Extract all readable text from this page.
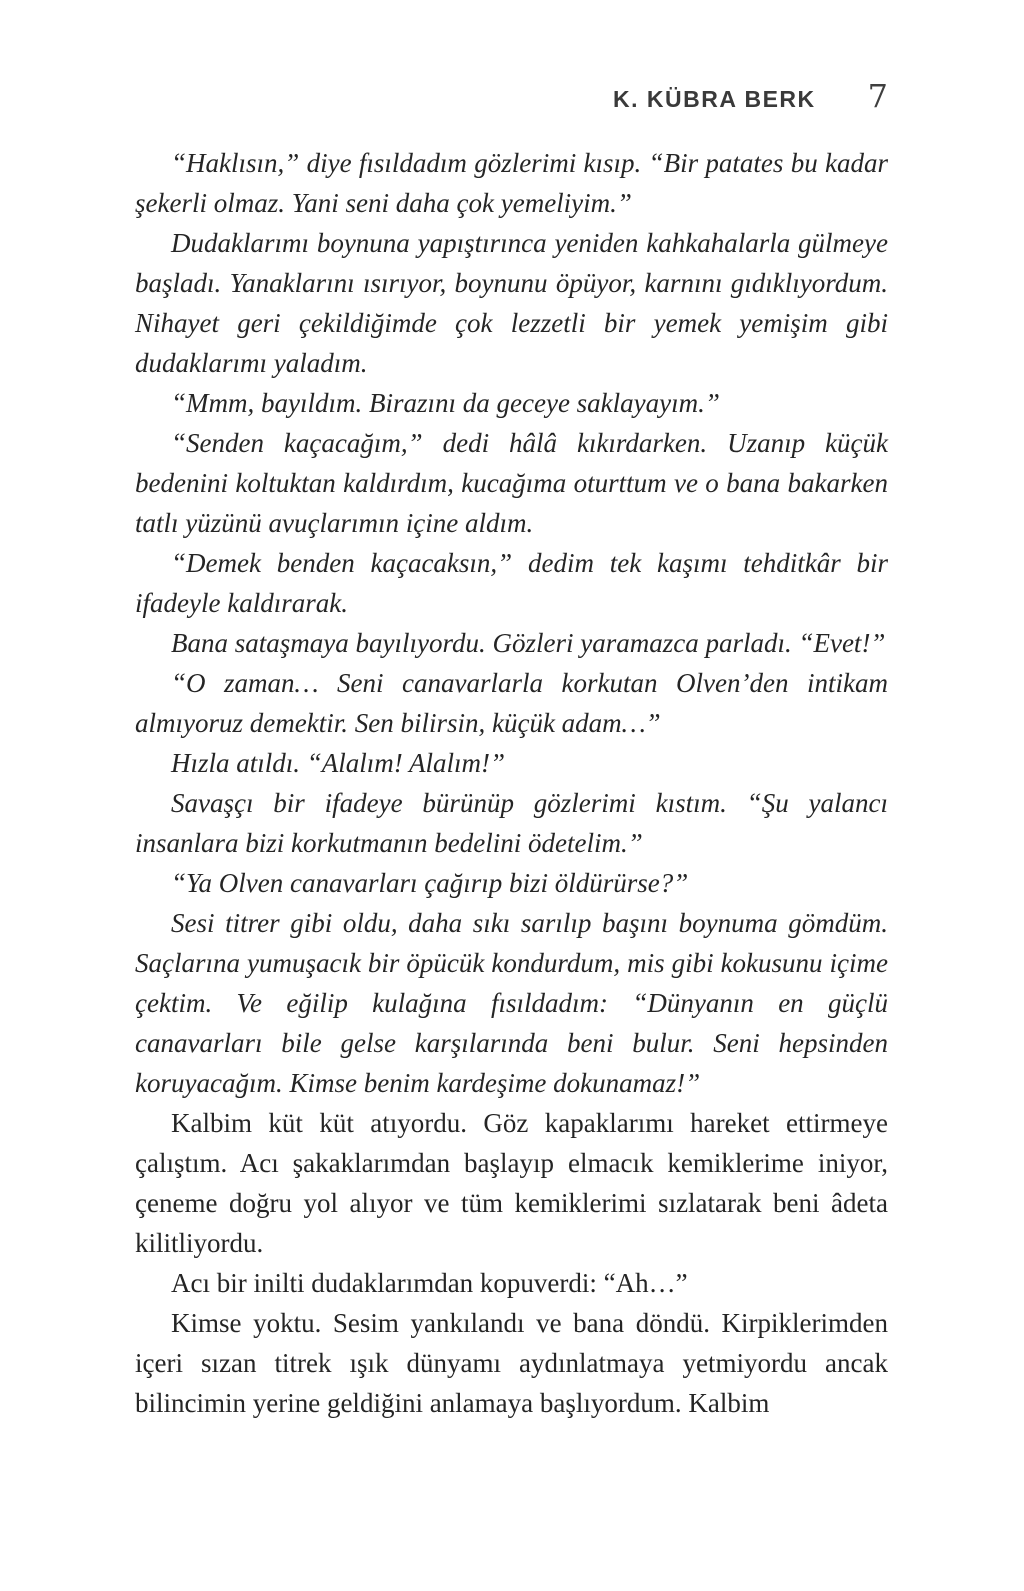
K. KÜBRA BERK 7

“Haklısın,” diye fısıldadım gözlerimi kısıp. “Bir patates bu kadar şekerli olmaz. Yani seni daha çok yemeliyim.”

Dudaklarımı boynuna yapıştırınca yeniden kahkahalarla gülmeye başladı. Yanaklarını ısırıyor, boynunu öpüyor, karnını gıdıklıyordum. Nihayet geri çekildiğimde çok lezzetli bir yemek yemişim gibi dudaklarımı yaladım.

“Mmm, bayıldım. Birazını da geceye saklayayım.”

“Senden kaçacağım,” dedi hâlâ kıkırdarken. Uzanıp küçük bedenini koltuktan kaldırdım, kucağıma oturttum ve o bana bakarken tatlı yüzünü avuçlarımın içine aldım.

“Demek benden kaçacaksın,” dedim tek kaşımı tehditkâr bir ifadeyle kaldırarak.

Bana sataşmaya bayılıyordu. Gözleri yaramazca parladı. “Evet!”

“O zaman… Seni canavarlarla korkutan Olven’den intikam almıyoruz demektir. Sen bilirsin, küçük adam…”

Hızla atıldı. “Alalım! Alalım!”

Savaşçı bir ifadeye bürünüp gözlerimi kıstım. “Şu yalancı insanlara bizi korkutmanın bedelini ödetelim.”

“Ya Olven canavarları çağırıp bizi öldürürse?”

Sesi titrer gibi oldu, daha sıkı sarılıp başını boynuma gömdüm. Saçlarına yumuşacık bir öpücük kondurdum, mis gibi kokusunu içime çektim. Ve eğilip kulağına fısıldadım: “Dünyanın en güçlü canavarları bile gelse karşılarında beni bulur. Seni hepsinden koruyacağım. Kimse benim kardeşime dokunamaz!”

Kalbim küt küt atıyordu. Göz kapaklarımı hareket ettirmeye çalıştım. Acı şakaklarımdan başlayıp elmacık kemiklerime iniyor, çeneme doğru yol alıyor ve tüm kemiklerimi sızlatarak beni âdeta kilitliyordu.

Acı bir inilti dudaklarımdan kopuverdi: “Ah…”

Kimse yoktu. Sesim yankılandı ve bana döndü. Kirpiklerimden içeri sızan titrek ışık dünyamı aydınlatmaya yetmiyordu ancak bilincimin yerine geldiğini anlamaya başlıyordum. Kalbim
